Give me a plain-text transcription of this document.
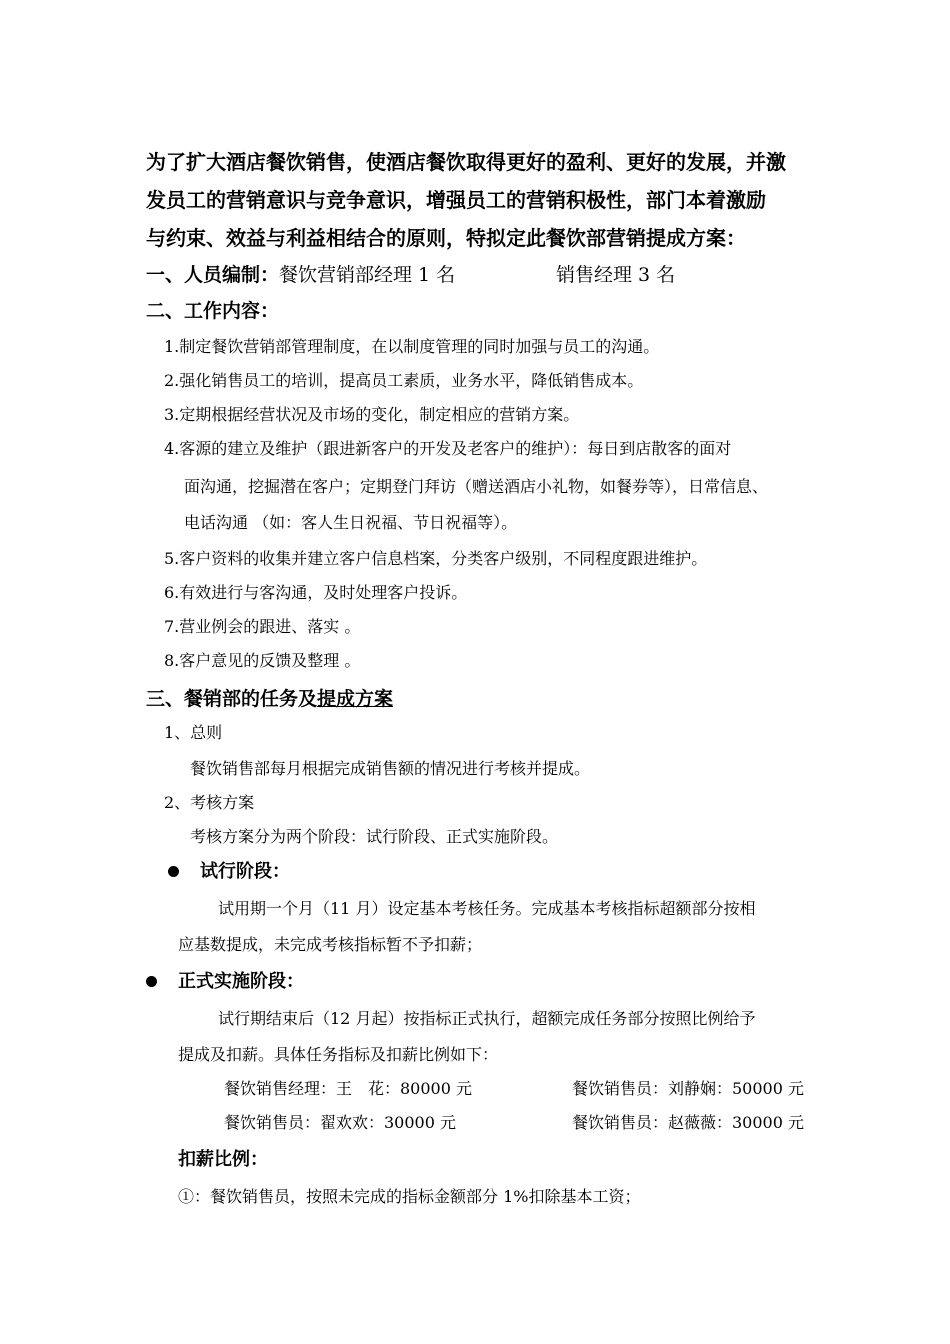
为了扩大酒店餐饮销售，使酒店餐饮取得更好的盈利、更好的发展，并激
发员工的营销意识与竞争意识，增强员工的营销积极性，部门本着激励
与约束、效益与利益相结合的原则，特拟定此餐饮部营销提成方案：
一、人员编制：餐饮营销部经理 1 名	销售经理 3 名
二、工作内容：
1.制定餐饮营销部管理制度，在以制度管理的同时加强与员工的沟通。
2.强化销售员工的培训，提高员工素质，业务水平，降低销售成本。
3.定期根据经营状况及市场的变化，制定相应的营销方案。
4.客源的建立及维护（跟进新客户的开发及老客户的维护）：每日到店散客的面对
面沟通，挖掘潜在客户；定期登门拜访（赠送酒店小礼物，如餐券等），日常信息、
电话沟通 （如：客人生日祝福、节日祝福等）。
5.客户资料的收集并建立客户信息档案，分类客户级别，不同程度跟进维护。
6.有效进行与客沟通，及时处理客户投诉。
7.营业例会的跟进、落实 。
8.客户意见的反馈及整理 。
三、餐销部的任务及提成方案
1、总则
餐饮销售部每月根据完成销售额的情况进行考核并提成。
2、考核方案
考核方案分为两个阶段：试行阶段、正式实施阶段。
试行阶段：
试用期一个月（11 月）设定基本考核任务。完成基本考核指标超额部分按相
应基数提成，未完成考核指标暂不予扣薪；
正式实施阶段：
试行期结束后（12 月起）按指标正式执行，超额完成任务部分按照比例给予
提成及扣薪。具体任务指标及扣薪比例如下：
餐饮销售经理：王　花：80000 元	餐饮销售员：刘静娴：50000 元
餐饮销售员：翟欢欢：30000 元	餐饮销售员：赵薇薇：30000 元
扣薪比例：
①：餐饮销售员，按照未完成的指标金额部分 1%扣除基本工资；
